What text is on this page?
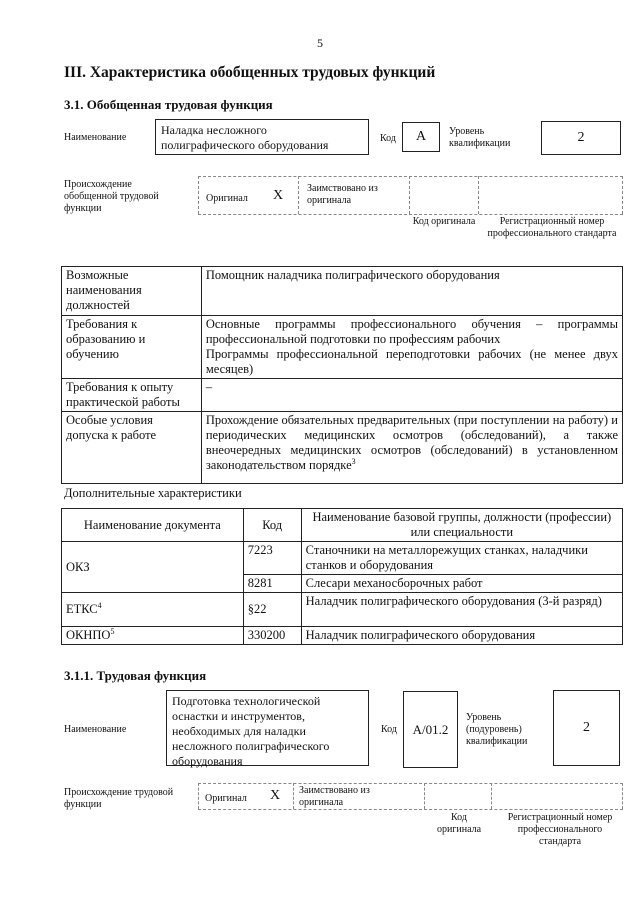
5
III. Характеристика обобщенных трудовых функций
3.1. Обобщенная трудовая функция
Наименование
Наладка несложного полиграфического оборудования	Код	А	Уровень квалификации	2
Происхождение обобщенной трудовой функции
Оригинал X Заимствовано из оригинала
Код оригинала	Регистрационный номер профессионального стандарта
Возможные наименования должностей	Помощник наладчика полиграфического оборудования
Требования к образованию и обучению	Основные программы профессионального обучения – программы профессиональной подготовки по профессиям рабочих
Программы профессиональной переподготовки рабочих (не менее двух месяцев)

Требования к опыту практической работы	–
Особые условия допуска к работе	Прохождение обязательных предварительных (при поступлении на работу) и периодических медицинских осмотров (обследований), а также внеочередных медицинских осмотров (обследований) в установленном законодательством порядке$^3$
Дополнительные характеристики
Наименование документа	Код	Наименование базовой группы, должности (профессии) или специальности
ОКЗ	7223	Станочники на металлорежущих станках, наладчики станков и оборудования
	8281	Слесари механосборочных работ
ЕТКС$^4$	§22	Наладчик полиграфического оборудования (3-й разряд)
ОКНПО$^5$	330200	Наладчик полиграфического оборудования
3.1.1. Трудовая функция
Наименование
Подготовка технологической оснастки и инструментов, необходимых для наладки несложного полиграфического оборудования
Код	A/01.2
Уровень (подуровень) квалификации
2
Происхождение трудовой функции
Оригинал X Заимствовано из оригинала
Код оригинала
Регистрационный номер профессионального стандарта
